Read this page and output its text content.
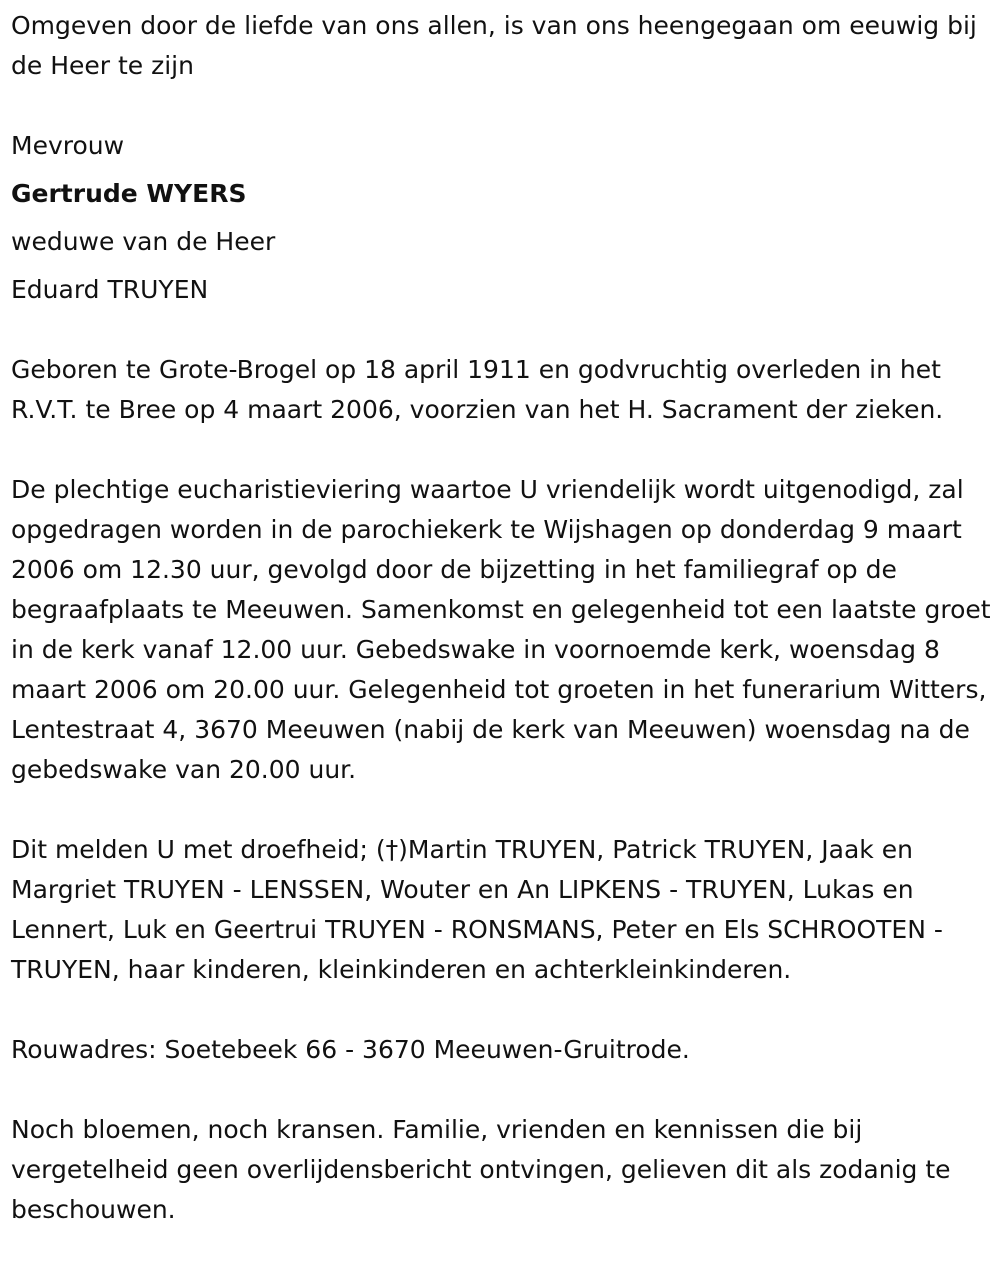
Omgeven door de liefde van ons allen, is van ons heengegaan om eeuwig bij de Heer te zijn

Mevrouw

Gertrude WYERS

weduwe van de Heer

Eduard TRUYEN

Geboren te Grote-Brogel op 18 april 1911 en godvruchtig overleden in het R.V.T. te Bree op 4 maart 2006, voorzien van het H. Sacrament der zieken.

De plechtige eucharistieviering waartoe U vriendelijk wordt uitgenodigd, zal opgedragen worden in de parochiekerk te Wijshagen op donderdag 9 maart 2006 om 12.30 uur, gevolgd door de bijzetting in het familiegraf op de begraafplaats te Meeuwen. Samenkomst en gelegenheid tot een laatste groet in de kerk vanaf 12.00 uur. Gebedswake in voornoemde kerk, woensdag 8 maart 2006 om 20.00 uur. Gelegenheid tot groeten in het funerarium Witters, Lentestraat 4, 3670 Meeuwen (nabij de kerk van Meeuwen) woensdag na de gebedswake van 20.00 uur.

Dit melden U met droefheid; (†)Martin TRUYEN, Patrick TRUYEN, Jaak en Margriet TRUYEN - LENSSEN, Wouter en An LIPKENS - TRUYEN, Lukas en Lennert, Luk en Geertrui TRUYEN - RONSMANS, Peter en Els SCHROOTEN - TRUYEN, haar kinderen, kleinkinderen en achterkleinkinderen.

Rouwadres: Soetebeek 66 - 3670 Meeuwen-Gruitrode.

Noch bloemen, noch kransen. Familie, vrienden en kennissen die bij vergetelheid geen overlijdensbericht ontvingen, gelieven dit als zodanig te beschouwen.
